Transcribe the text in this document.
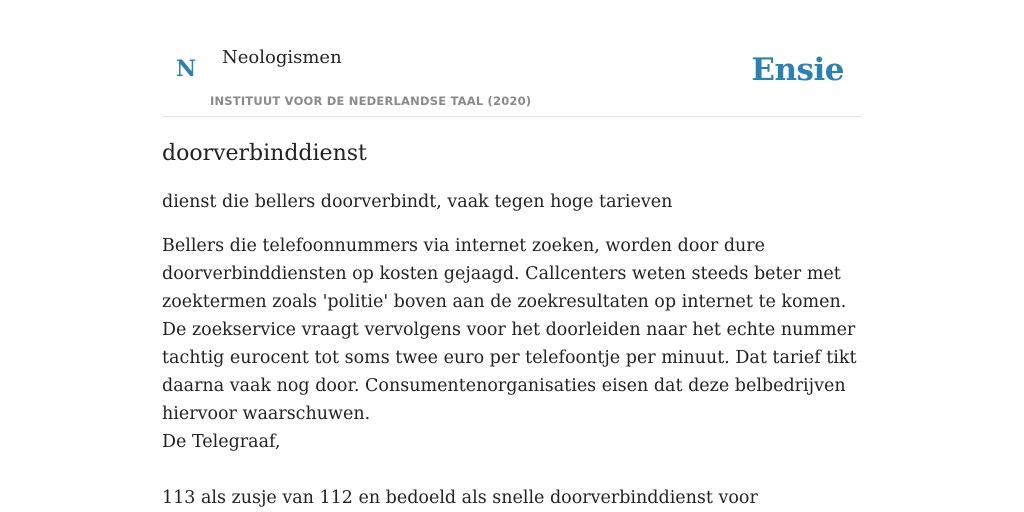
N Neologismen
INSTITUUT VOOR DE NEDERLANDSE TAAL (2020)
Ensie
doorverbinddienst

dienst die bellers doorverbindt, vaak tegen hoge tarieven

Bellers die telefoonnummers via internet zoeken, worden door dure doorverbinddiensten op kosten gejaagd. Callcenters weten steeds beter met zoektermen zoals 'politie' boven aan de zoekresultaten op internet te komen. De zoekservice vraagt vervolgens voor het doorleiden naar het echte nummer tachtig eurocent tot soms twee euro per telefoontje per minuut. Dat tarief tikt daarna vaak nog door. Consumentenorganisaties eisen dat deze belbedrijven hiervoor waarschuwen.

De Telegraaf,

113 als zusje van 112 en bedoeld als snelle doorverbinddienst voor
